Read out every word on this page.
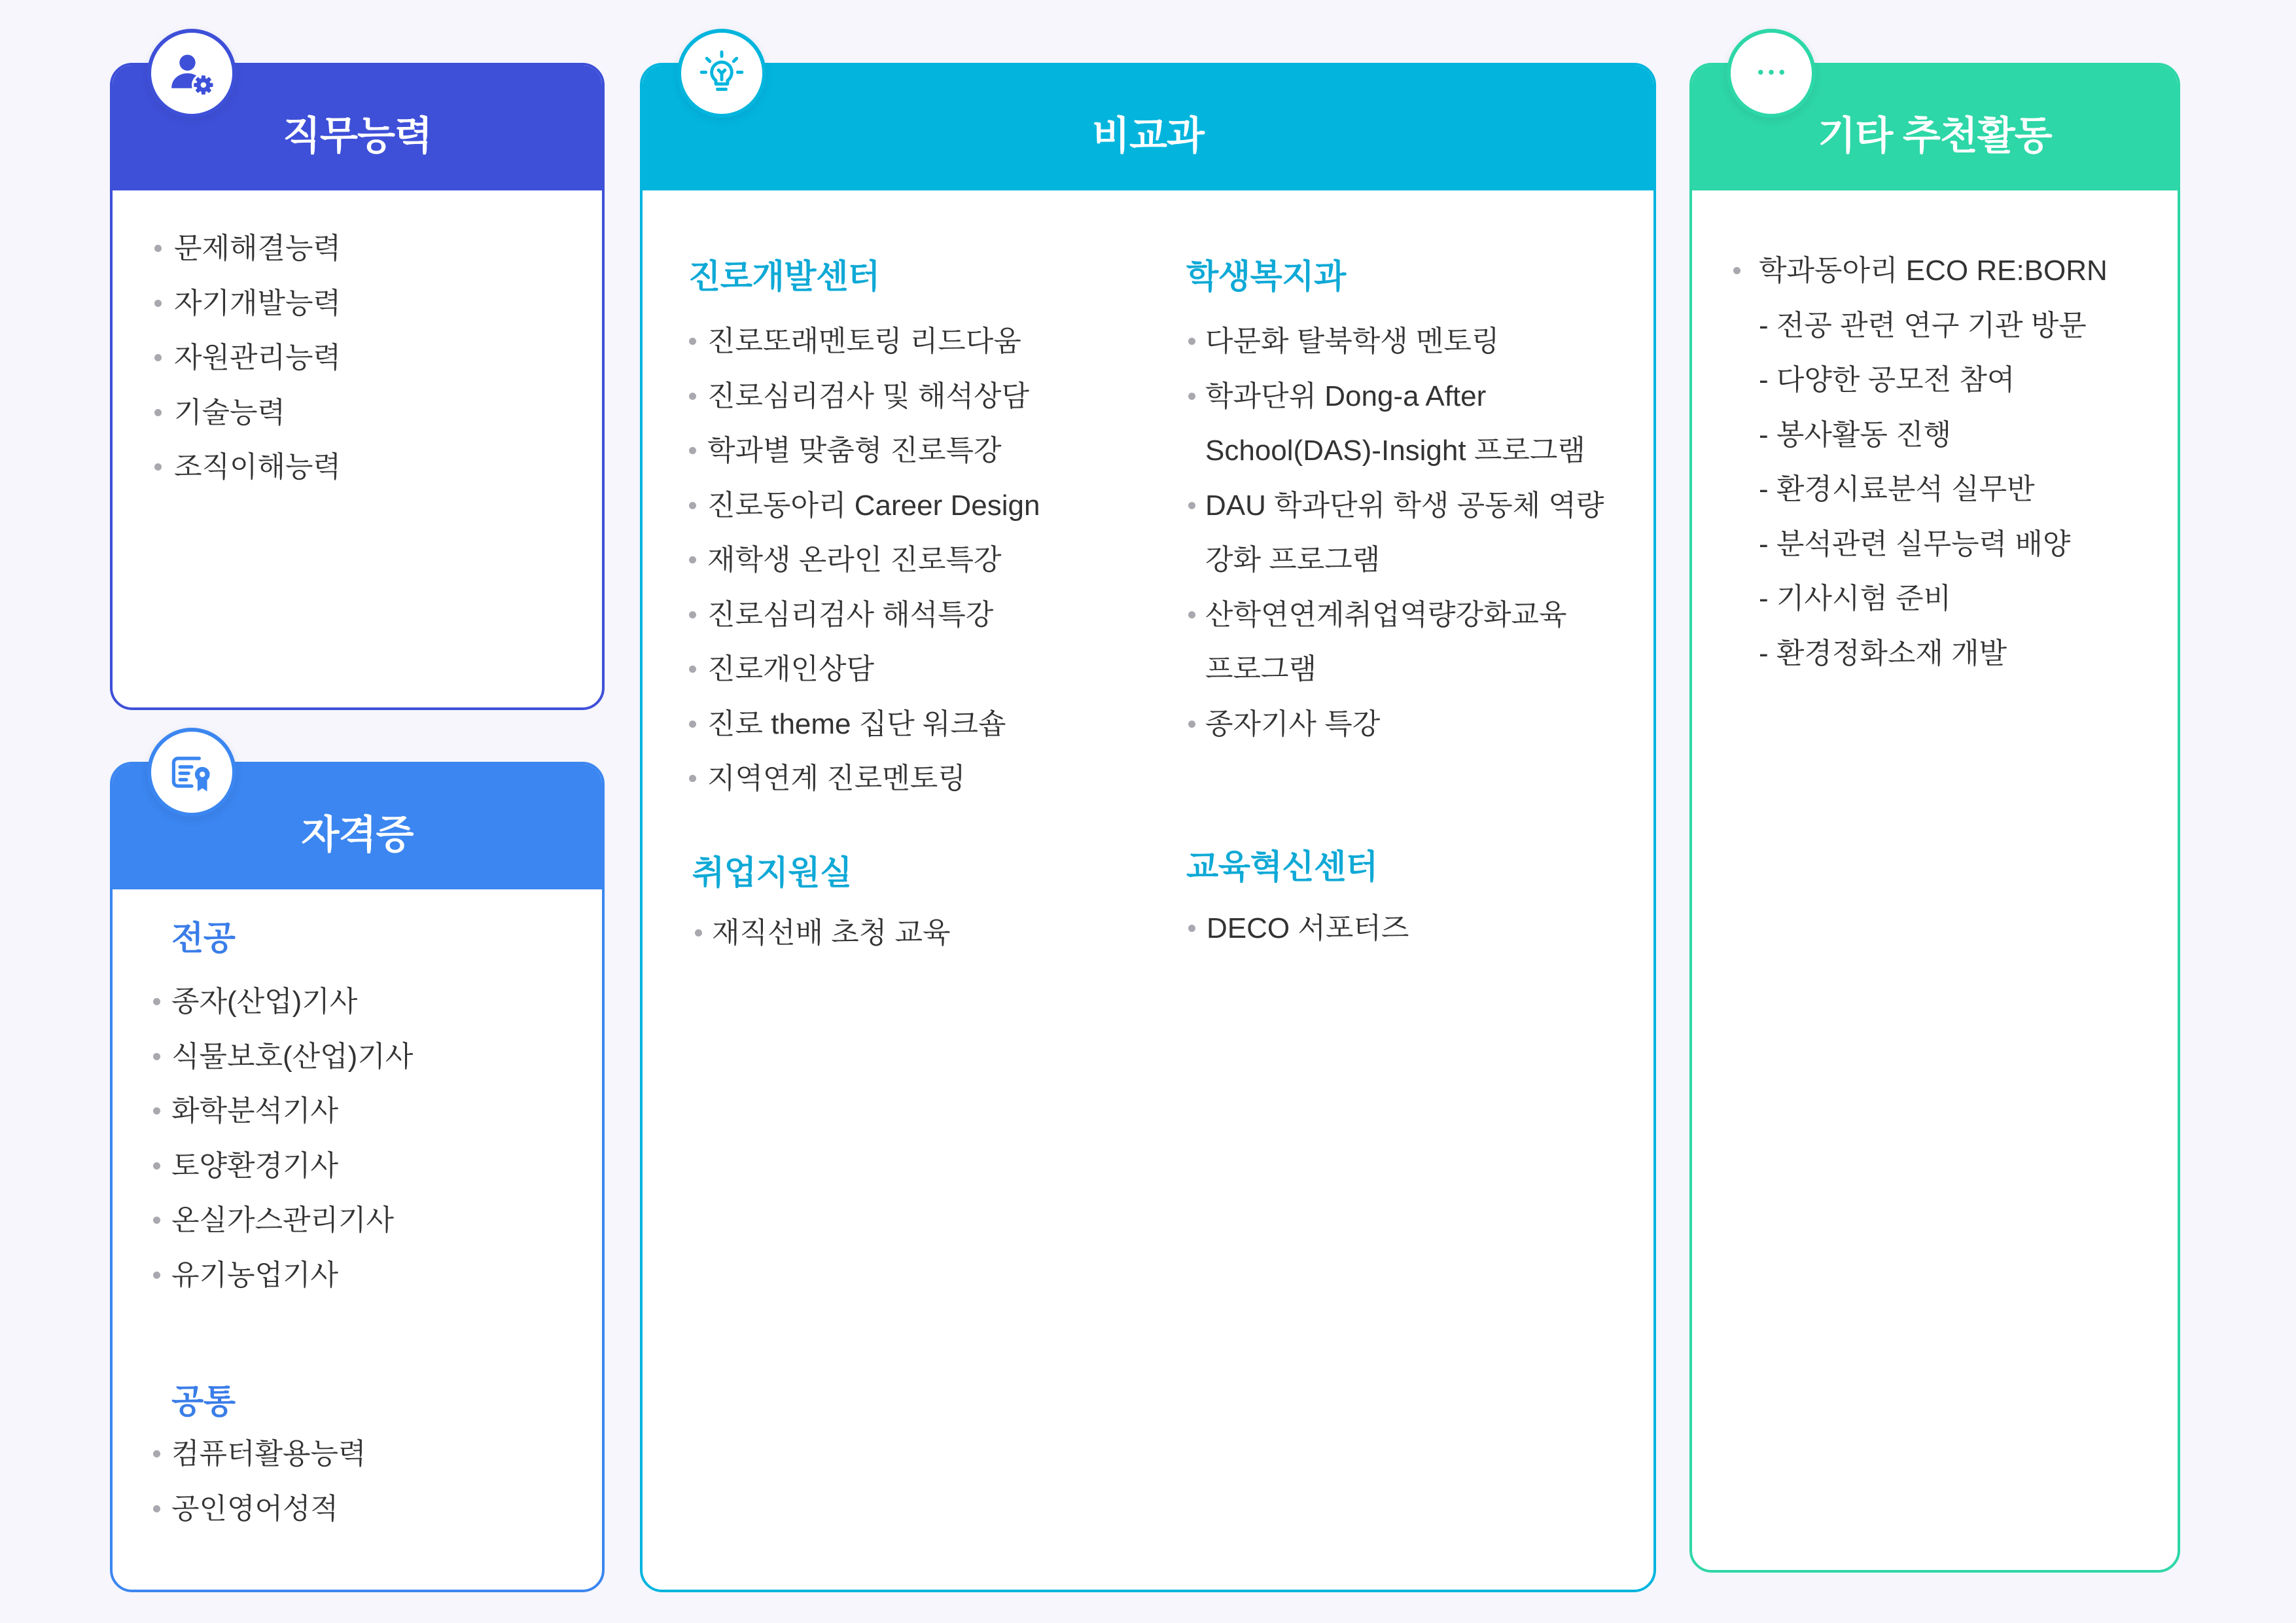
직무능력
문제해결능력
자기개발능력
자원관리능력
기술능력
조직이해능력
자격증
전공
종자(산업)기사
식물보호(산업)기사
화학분석기사
토양환경기사
온실가스관리기사
유기농업기사
공통
컴퓨터활용능력
공인영어성적
비교과
진로개발센터
진로또래멘토링 리드다움
진로심리검사 및 해석상담
학과별 맞춤형 진로특강
진로동아리 Career Design
재학생 온라인 진로특강
진로심리검사 해석특강
진로개인상담
진로 theme 집단 워크숍
지역연계 진로멘토링
취업지원실
재직선배 초청 교육
학생복지과
다문화 탈북학생 멘토링
학과단위 Dong-a After
School(DAS)-Insight 프로그램
DAU 학과단위 학생 공동체 역량
강화 프로그램
산학연연계취업역량강화교육
프로그램
종자기사 특강
교육혁신센터
DECO 서포터즈
기타 추천활동
학과동아리 ECO RE:BORN
- 전공 관련 연구 기관 방문
- 다양한 공모전 참여
- 봉사활동 진행
- 환경시료분석 실무반
- 분석관련 실무능력 배양
- 기사시험 준비
- 환경정화소재 개발
